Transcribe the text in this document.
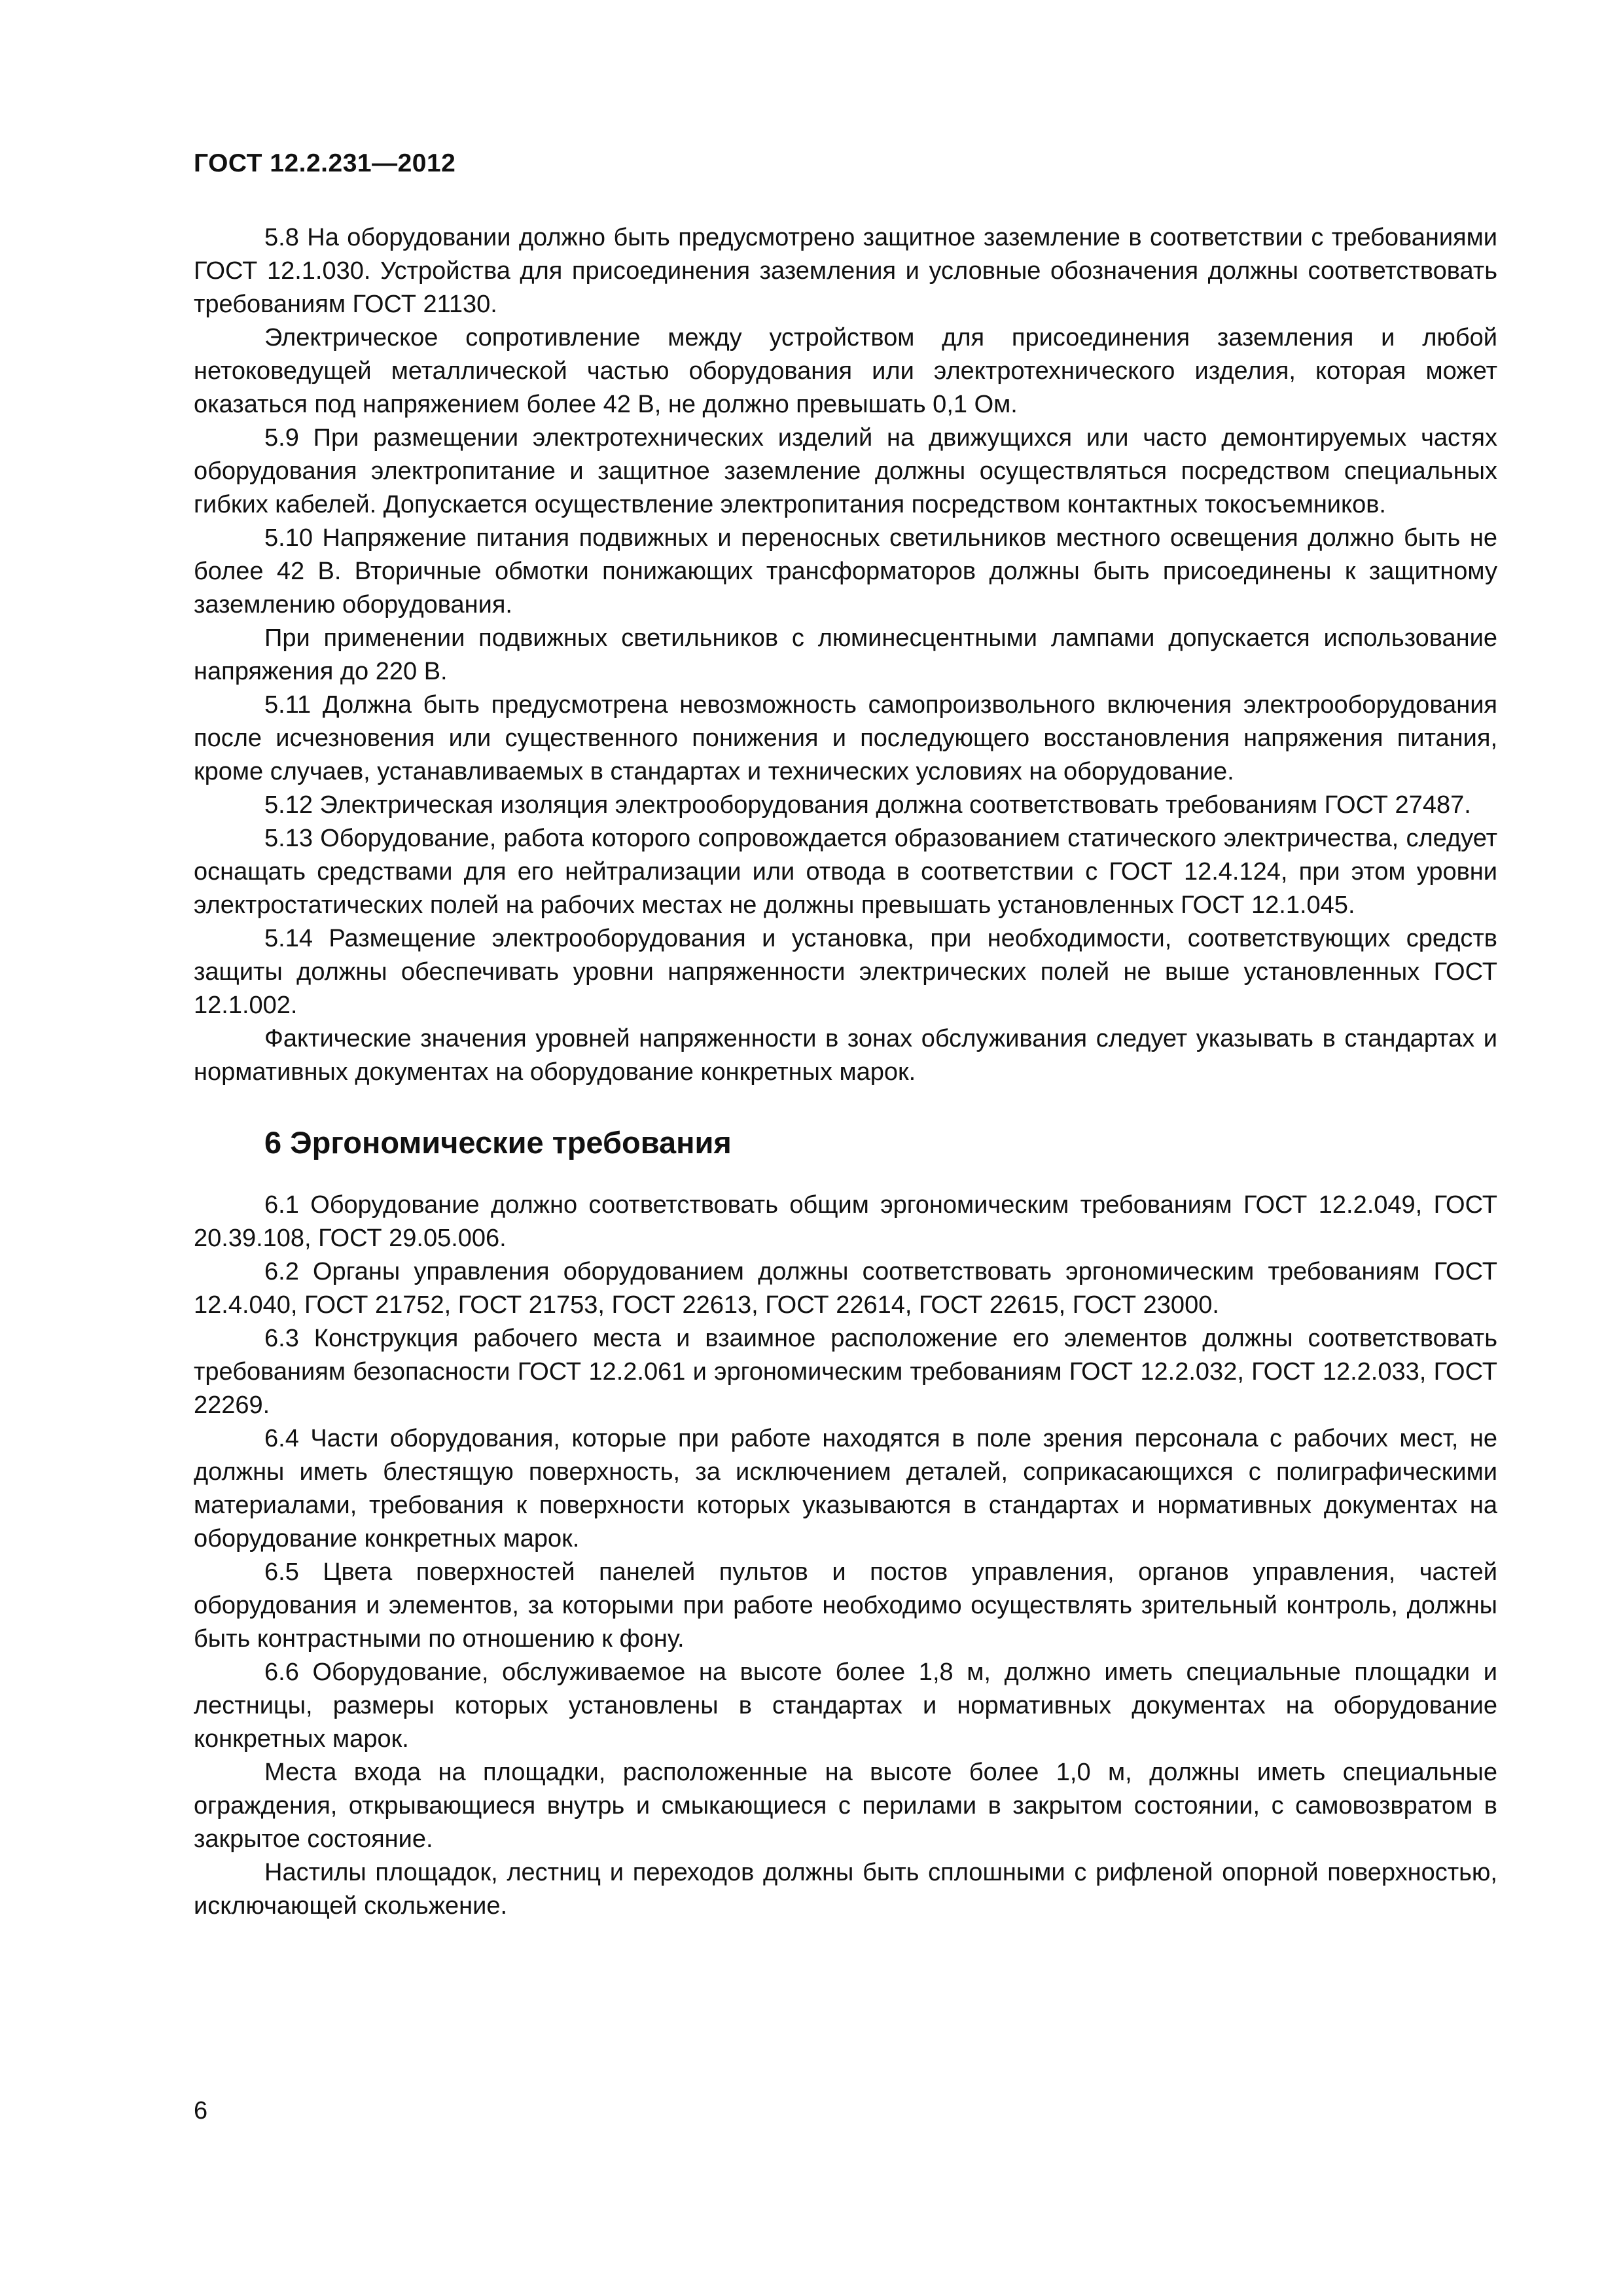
ГОСТ 12.2.231—2012

5.8 На оборудовании должно быть предусмотрено защитное заземление в соответствии с требованиями ГОСТ 12.1.030. Устройства для присоединения заземления и условные обозначения должны соответствовать требованиям ГОСТ 21130.

Электрическое сопротивление между устройством для присоединения заземления и любой нетоковедущей металлической частью оборудования или электротехнического изделия, которая может оказаться под напряжением более 42 В, не должно превышать 0,1 Ом.

5.9 При размещении электротехнических изделий на движущихся или часто демонтируемых частях оборудования электропитание и защитное заземление должны осуществляться посредством специальных гибких кабелей. Допускается осуществление электропитания посредством контактных токосъемников.

5.10 Напряжение питания подвижных и переносных светильников местного освещения должно быть не более 42 В. Вторичные обмотки понижающих трансформаторов должны быть присоединены к защитному заземлению оборудования.

При применении подвижных светильников с люминесцентными лампами допускается использование напряжения до 220 В.

5.11 Должна быть предусмотрена невозможность самопроизвольного включения электрооборудования после исчезновения или существенного понижения и последующего восстановления напряжения питания, кроме случаев, устанавливаемых в стандартах и технических условиях на оборудование.

5.12 Электрическая изоляция электрооборудования должна соответствовать требованиям ГОСТ 27487.

5.13 Оборудование, работа которого сопровождается образованием статического электричества, следует оснащать средствами для его нейтрализации или отвода в соответствии с ГОСТ 12.4.124, при этом уровни электростатических полей на рабочих местах не должны превышать установленных ГОСТ 12.1.045.

5.14 Размещение электрооборудования и установка, при необходимости, соответствующих средств защиты должны обеспечивать уровни напряженности электрических полей не выше установленных ГОСТ 12.1.002.

Фактические значения уровней напряженности в зонах обслуживания следует указывать в стандартах и нормативных документах на оборудование конкретных марок.

6 Эргономические требования

6.1 Оборудование должно соответствовать общим эргономическим требованиям ГОСТ 12.2.049, ГОСТ 20.39.108, ГОСТ 29.05.006.

6.2 Органы управления оборудованием должны соответствовать эргономическим требованиям ГОСТ 12.4.040, ГОСТ 21752, ГОСТ 21753, ГОСТ 22613, ГОСТ 22614, ГОСТ 22615, ГОСТ 23000.

6.3 Конструкция рабочего места и взаимное расположение его элементов должны соответствовать требованиям безопасности ГОСТ 12.2.061 и эргономическим требованиям ГОСТ 12.2.032, ГОСТ 12.2.033, ГОСТ 22269.

6.4 Части оборудования, которые при работе находятся в поле зрения персонала с рабочих мест, не должны иметь блестящую поверхность, за исключением деталей, соприкасающихся с полиграфическими материалами, требования к поверхности которых указываются в стандартах и нормативных документах на оборудование конкретных марок.

6.5 Цвета поверхностей панелей пультов и постов управления, органов управления, частей оборудования и элементов, за которыми при работе необходимо осуществлять зрительный контроль, должны быть контрастными по отношению к фону.

6.6 Оборудование, обслуживаемое на высоте более 1,8 м, должно иметь специальные площадки и лестницы, размеры которых установлены в стандартах и нормативных документах на оборудование конкретных марок.

Места входа на площадки, расположенные на высоте более 1,0 м, должны иметь специальные ограждения, открывающиеся внутрь и смыкающиеся с перилами в закрытом состоянии, с самовозвратом в закрытое состояние.

Настилы площадок, лестниц и переходов должны быть сплошными с рифленой опорной поверхностью, исключающей скольжение.

6
